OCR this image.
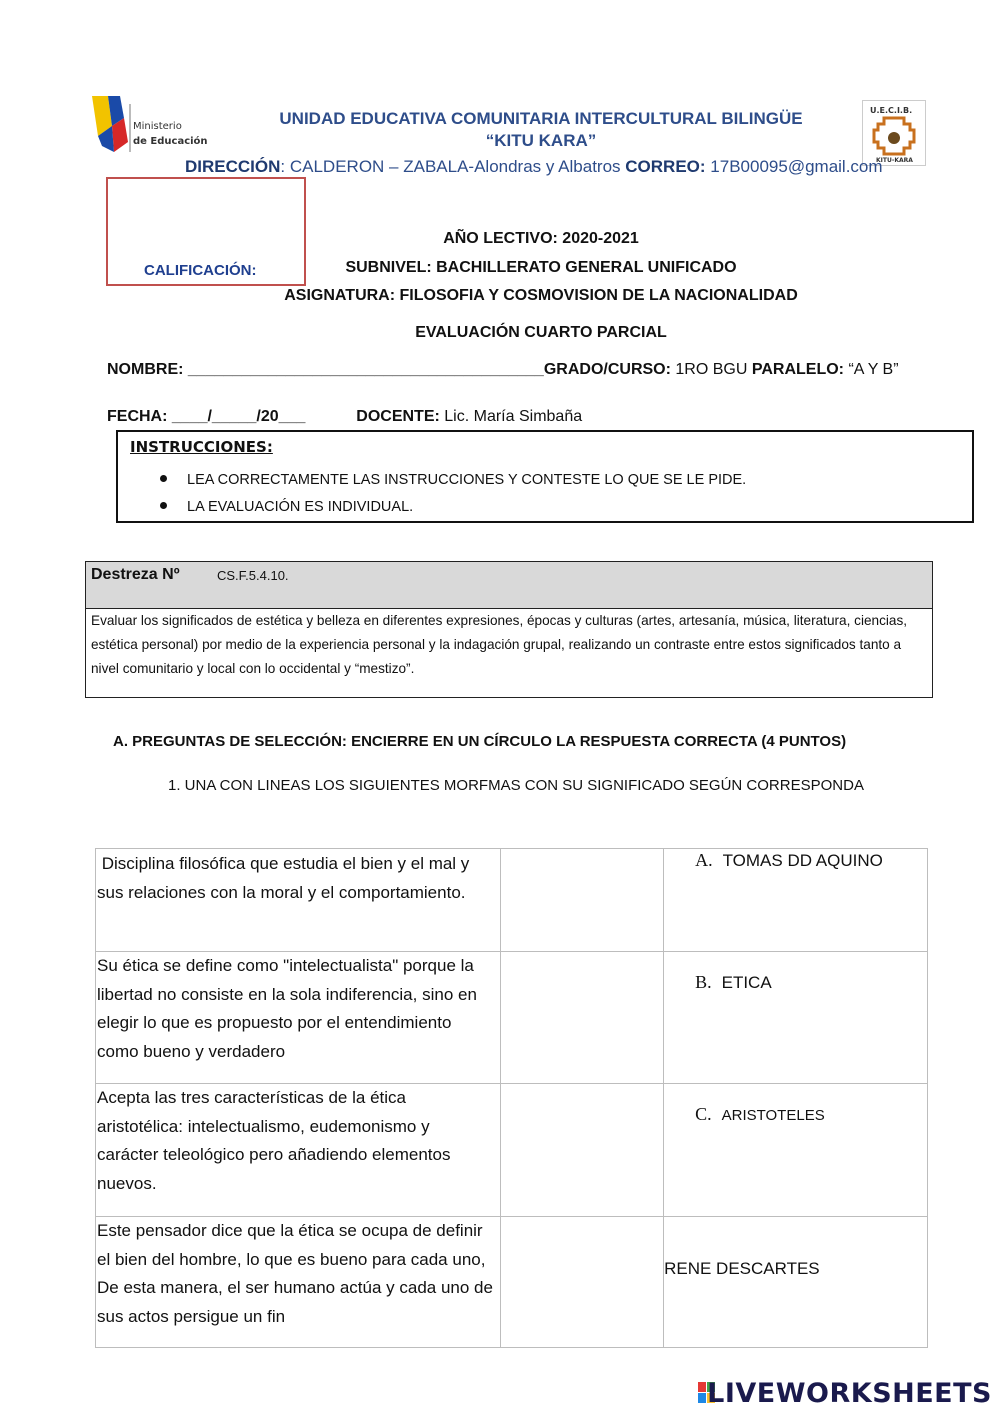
Ministerio
de Educación
U.E.C.I.B.
KITU-KARA
UNIDAD EDUCATIVA COMUNITARIA INTERCULTURAL BILINGÜE
“KITU KARA”
DIRECCIÓN: CALDERON – ZABALA-Alondras y Albatros CORREO: 17B00095@gmail.com
CALIFICACIÓN:
AÑO LECTIVO: 2020-2021
SUBNIVEL: BACHILLERATO GENERAL UNIFICADO
ASIGNATURA: FILOSOFIA Y COSMOVISION DE LA NACIONALIDAD
EVALUACIÓN CUARTO PARCIAL
NOMBRE: ________________________________________GRADO/CURSO: 1RO BGU PARALELO: “A Y B”
FECHA: ____/_____/20___	DOCENTE: Lic. María Simbaña
INSTRUCCIONES:
LEA CORRECTAMENTE LAS INSTRUCCIONES Y CONTESTE LO QUE SE LE PIDE.
LA EVALUACIÓN ES INDIVIDUAL.
Destreza Nº	CS.F.5.4.10.
Evaluar los significados de estética y belleza en diferentes expresiones, épocas y culturas (artes, artesanía, música, literatura, ciencias, estética personal) por medio de la experiencia personal y la indagación grupal, realizando un contraste entre estos significados tanto a nivel comunitario y local con lo occidental y “mestizo”.
A. PREGUNTAS DE SELECCIÓN: ENCIERRE EN UN CÍRCULO LA RESPUESTA CORRECTA (4 PUNTOS)
1. UNA CON LINEAS LOS SIGUIENTES MORFMAS CON SU SIGNIFICADO SEGÚN CORRESPONDA
Disciplina filosófica que estudia el bien y el mal y sus relaciones con la moral y el comportamiento.		A. TOMAS DD AQUINO

Su ética se define como "intelectualista" porque la libertad no consiste en la sola indiferencia, sino en elegir lo que es propuesto por el entendimiento como bueno y verdadero		B. ETICA

Acepta las tres características de la ética aristotélica: intelectualismo, eudemonismo y carácter teleológico pero añadiendo elementos nuevos.		C. ARISTOTELES

Este pensador dice que la ética se ocupa de definir el bien del hombre, lo que es bueno para cada uno, De esta manera, el ser humano actúa y cada uno de sus actos persigue un fin		RENE DESCARTES
LIVEWORKSHEETS
